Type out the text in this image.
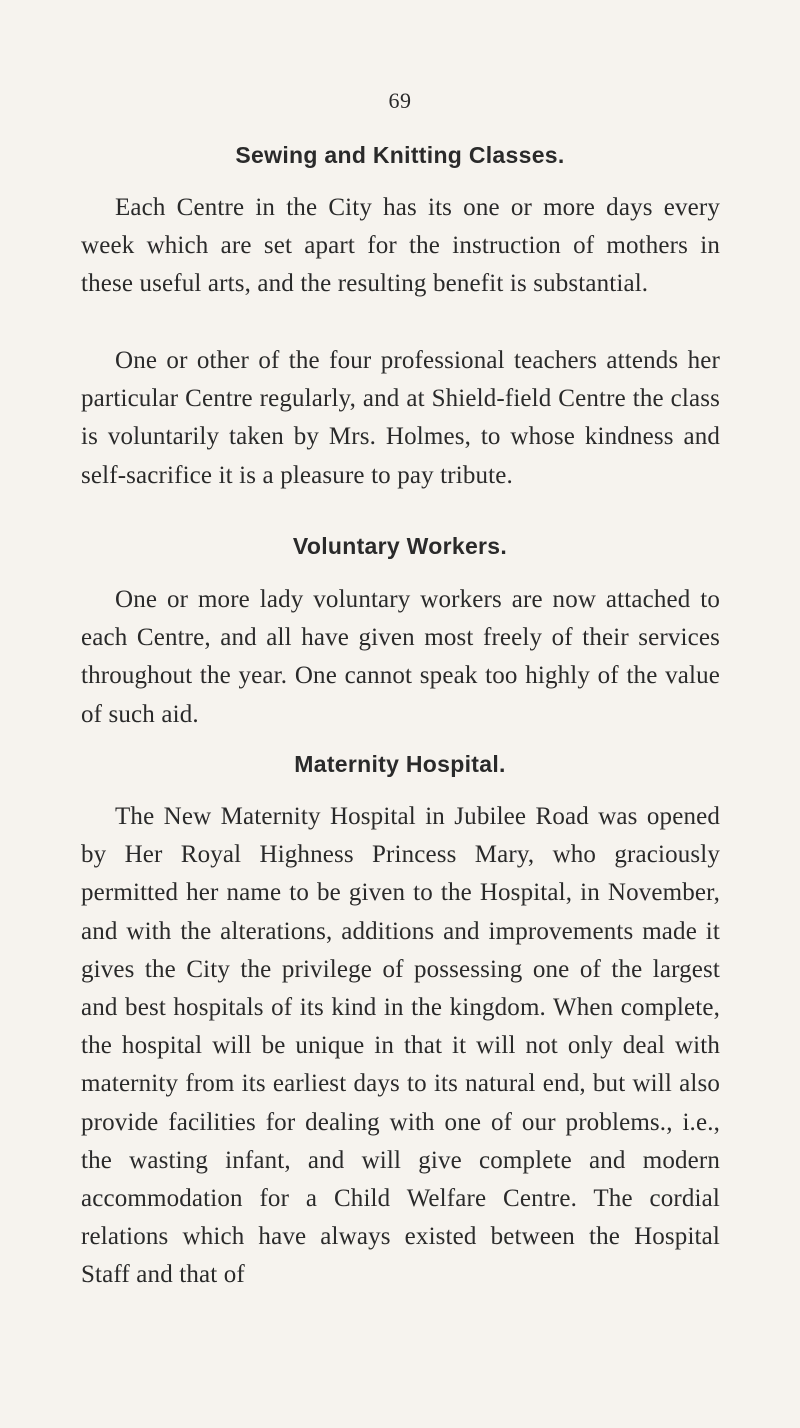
69
Sewing and Knitting Classes.

Each Centre in the City has its one or more days every week which are set apart for the instruction of mothers in these useful arts, and the resulting benefit is substantial.

One or other of the four professional teachers attends her particular Centre regularly, and at Shield-field Centre the class is voluntarily taken by Mrs. Holmes, to whose kindness and self-sacrifice it is a pleasure to pay tribute.

Voluntary Workers.

One or more lady voluntary workers are now attached to each Centre, and all have given most freely of their services throughout the year. One cannot speak too highly of the value of such aid.

Maternity Hospital.

The New Maternity Hospital in Jubilee Road was opened by Her Royal Highness Princess Mary, who graciously permitted her name to be given to the Hospital, in November, and with the alterations, additions and improvements made it gives the City the privilege of possessing one of the largest and best hospitals of its kind in the kingdom. When complete, the hospital will be unique in that it will not only deal with maternity from its earliest days to its natural end, but will also provide facilities for dealing with one of our problems., i.e., the wasting infant, and will give complete and modern accommodation for a Child Welfare Centre. The cordial relations which have always existed between the Hospital Staff and that of
